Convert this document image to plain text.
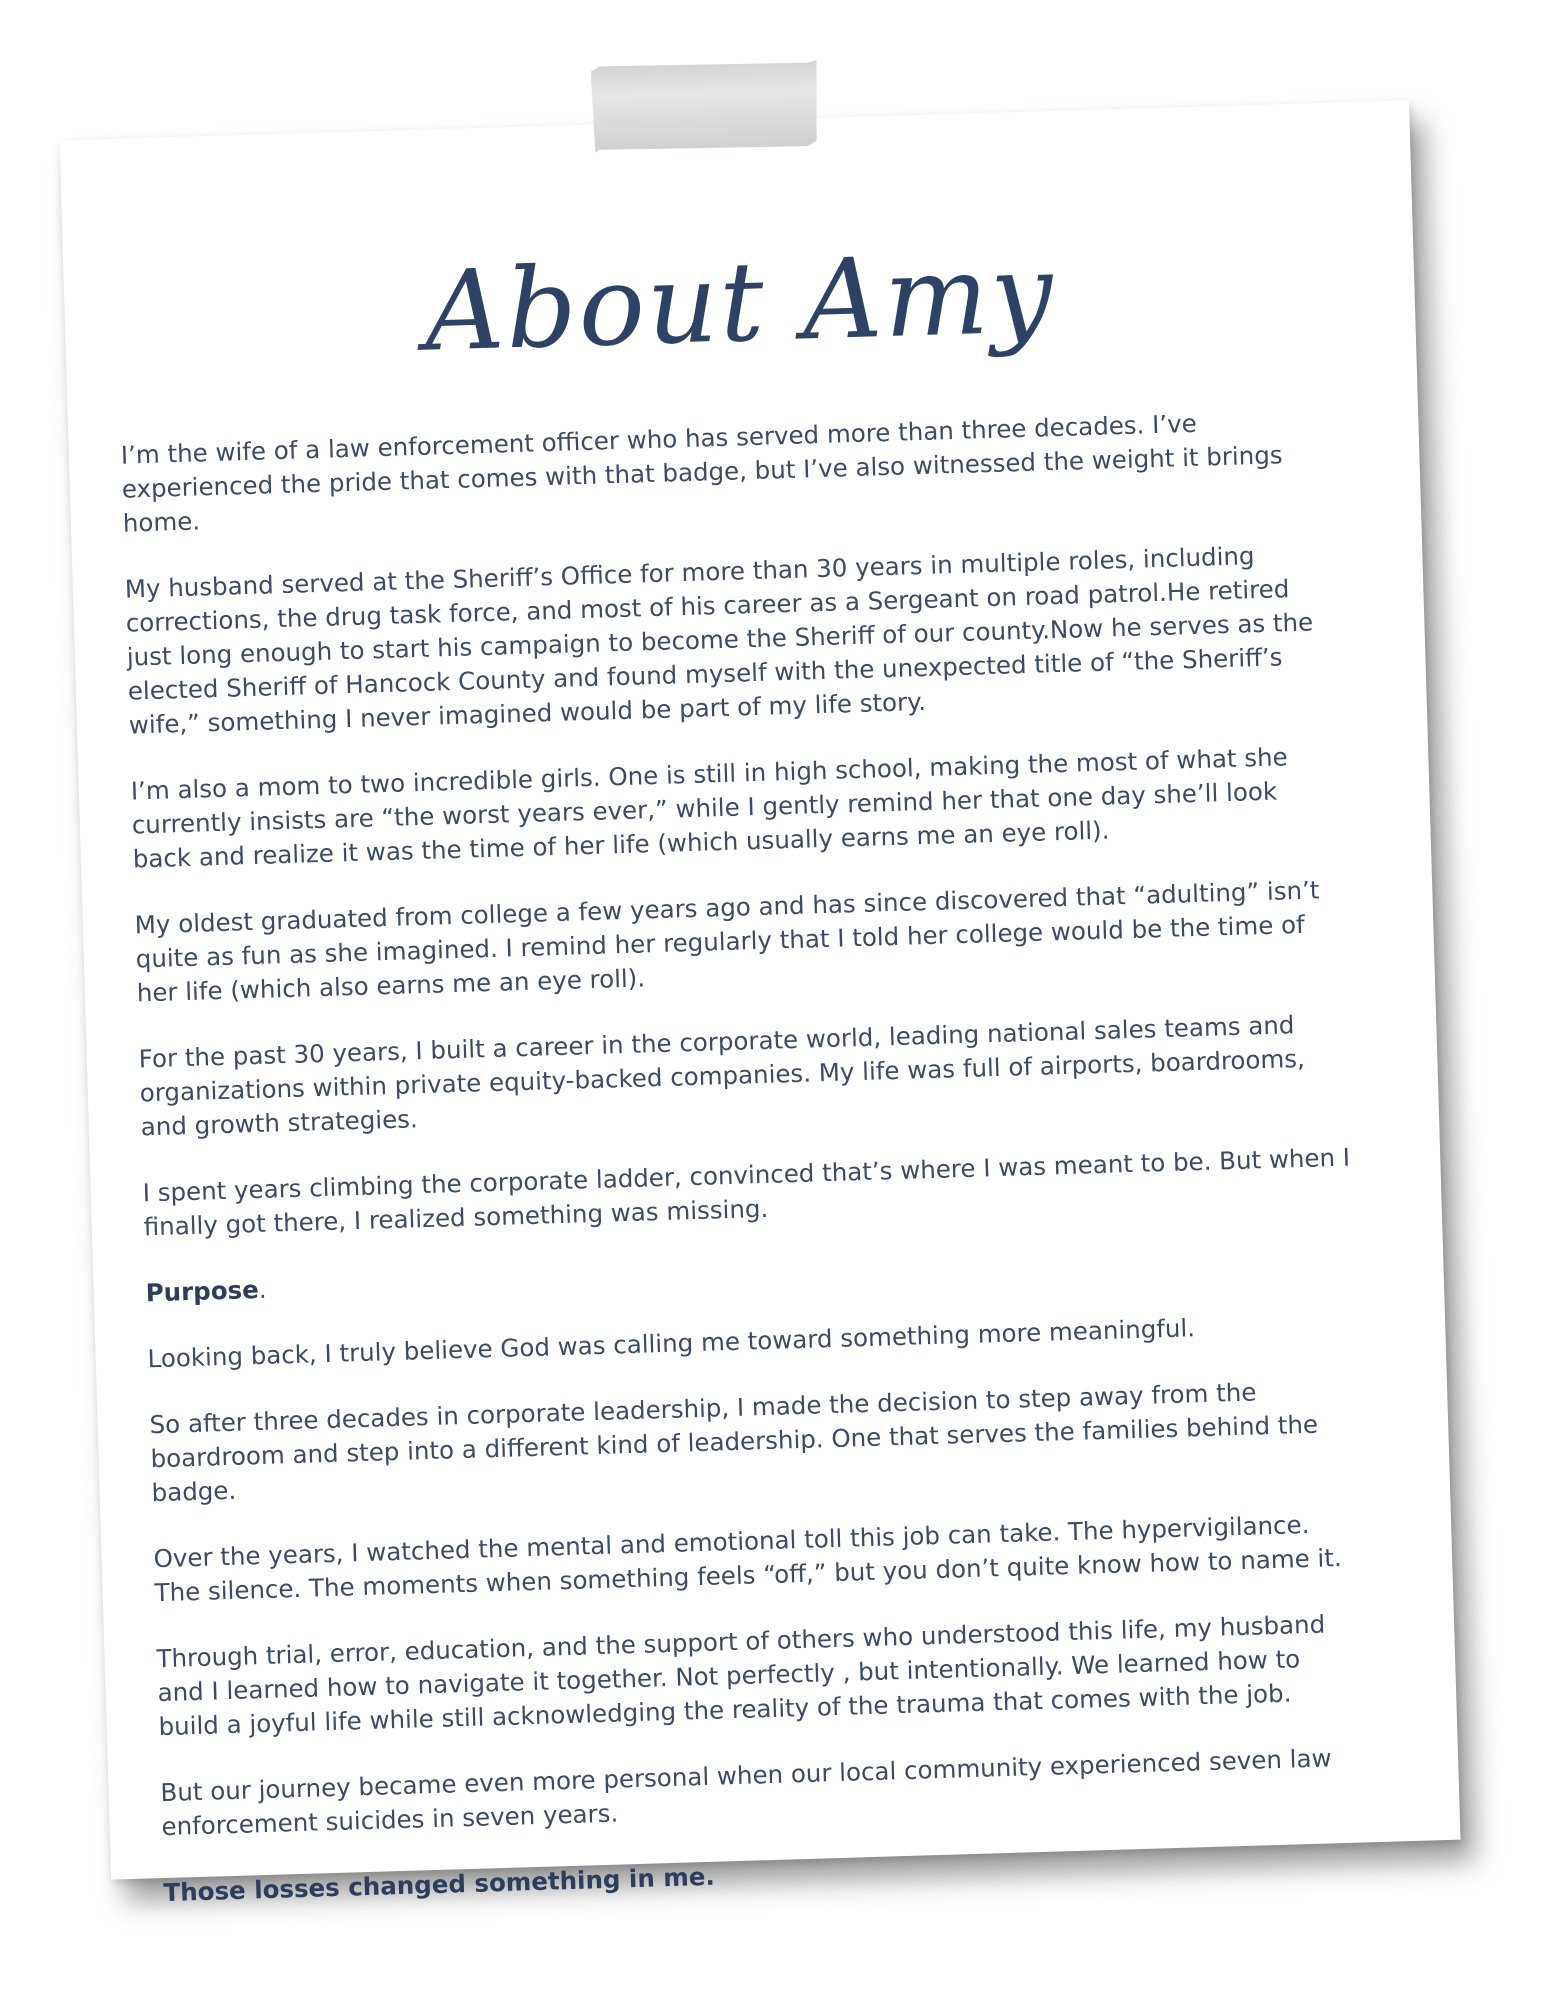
About Amy

I’m the wife of a law enforcement officer who has served more than three decades. I’ve experienced the pride that comes with that badge, but I’ve also witnessed the weight it brings home.

My husband served at the Sheriff’s Office for more than 30 years in multiple roles, including corrections, the drug task force, and most of his career as a Sergeant on road patrol.He retired just long enough to start his campaign to become the Sheriff of our county.Now he serves as the elected Sheriff of Hancock County and found myself with the unexpected title of “the Sheriff’s wife,” something I never imagined would be part of my life story.

I’m also a mom to two incredible girls. One is still in high school, making the most of what she currently insists are “the worst years ever,” while I gently remind her that one day she’ll look back and realize it was the time of her life (which usually earns me an eye roll).

My oldest graduated from college a few years ago and has since discovered that “adulting” isn’t quite as fun as she imagined. I remind her regularly that I told her college would be the time of her life (which also earns me an eye roll).

For the past 30 years, I built a career in the corporate world, leading national sales teams and organizations within private equity-backed companies. My life was full of airports, boardrooms, and growth strategies.

I spent years climbing the corporate ladder, convinced that’s where I was meant to be. But when I finally got there, I realized something was missing.

Purpose.

Looking back, I truly believe God was calling me toward something more meaningful.

So after three decades in corporate leadership, I made the decision to step away from the boardroom and step into a different kind of leadership. One that serves the families behind the badge.

Over the years, I watched the mental and emotional toll this job can take. The hypervigilance. The silence. The moments when something feels “off,” but you don’t quite know how to name it.

Through trial, error, education, and the support of others who understood this life, my husband and I learned how to navigate it together. Not perfectly , but intentionally. We learned how to build a joyful life while still acknowledging the reality of the trauma that comes with the job.

But our journey became even more personal when our local community experienced seven law enforcement suicides in seven years.

Those losses changed something in me.
